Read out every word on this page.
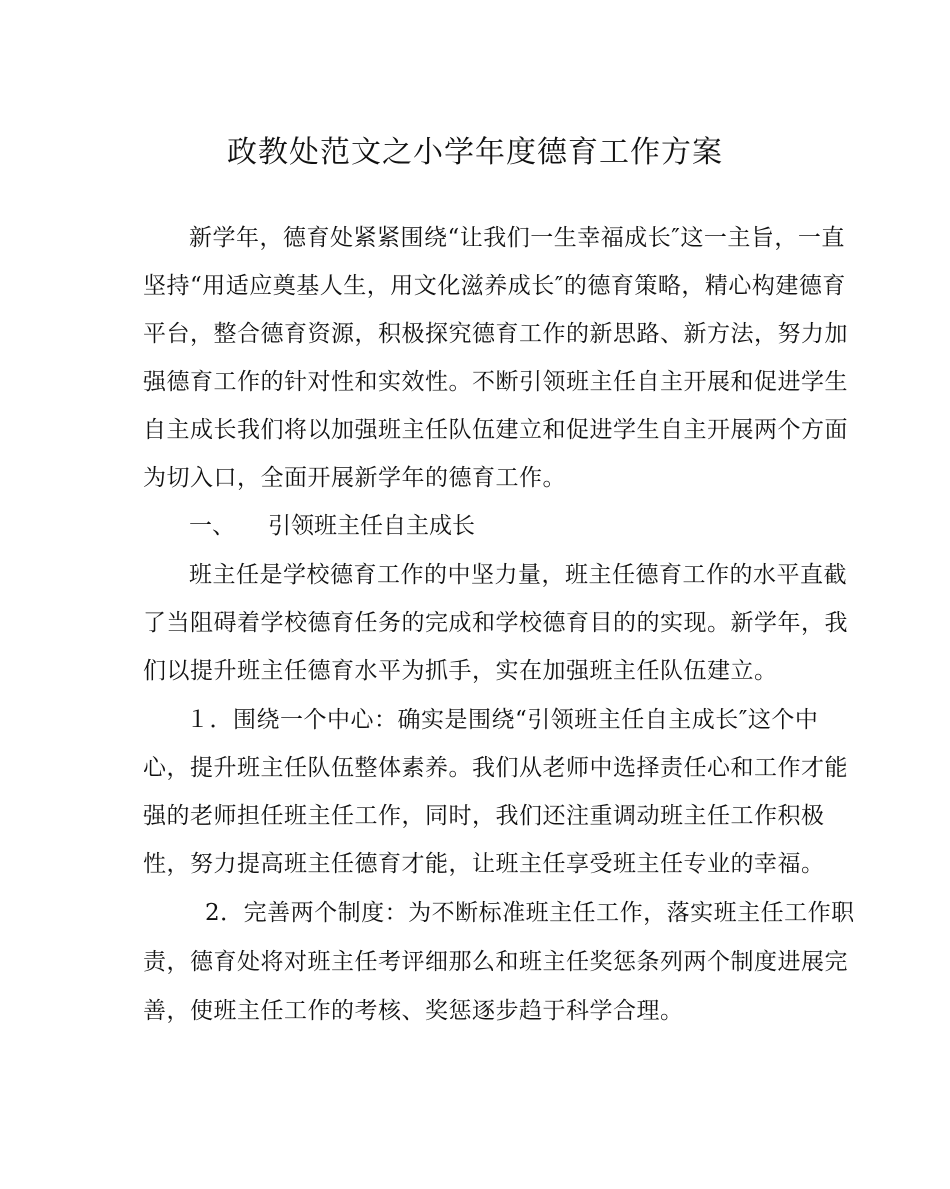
政教处范文之小学年度德育工作方案
新学年，德育处紧紧围绕“让我们一生幸福成长″这一主旨，一直
坚持“用适应奠基人生，用文化滋养成长″的德育策略，精心构建德育
平台，整合德育资源，积极探究德育工作的新思路、新方法，努力加
强德育工作的针对性和实效性。不断引领班主任自主开展和促进学生
自主成长我们将以加强班主任队伍建立和促进学生自主开展两个方面
为切入口，全面开展新学年的德育工作。
一、 引领班主任自主成长
班主任是学校德育工作的中坚力量，班主任德育工作的水平直截
了当阻碍着学校德育任务的完成和学校德育目的的实现。新学年，我
们以提升班主任德育水平为抓手，实在加强班主任队伍建立。
１．围绕一个中心：确实是围绕“引领班主任自主成长″这个中
心，提升班主任队伍整体素养。我们从老师中选择责任心和工作才能
强的老师担任班主任工作，同时，我们还注重调动班主任工作积极
性，努力提高班主任德育才能，让班主任享受班主任专业的幸福。
2．完善两个制度：为不断标准班主任工作，落实班主任工作职
责，德育处将对班主任考评细那么和班主任奖惩条列两个制度进展完
善，使班主任工作的考核、奖惩逐步趋于科学合理。
